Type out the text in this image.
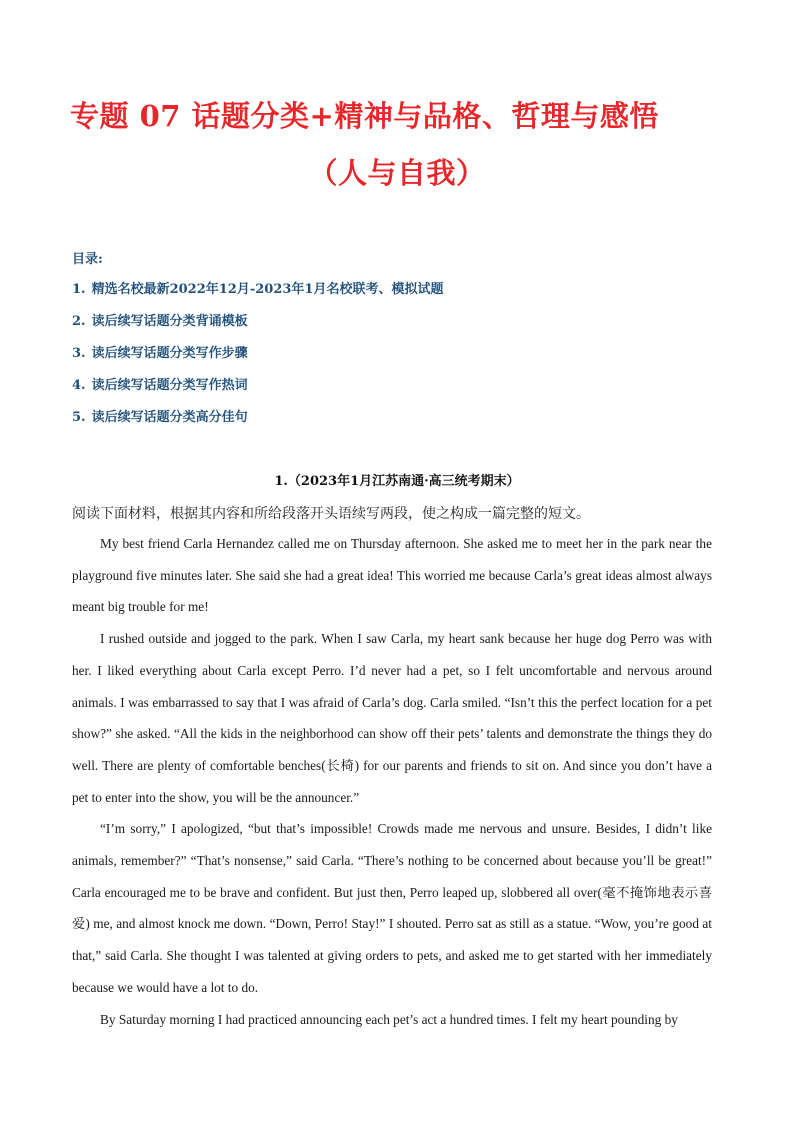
专题 07 话题分类+精神与品格、哲理与感悟
（人与自我）
目录:
1. 精选名校最新2022年12月-2023年1月名校联考、模拟试题
2. 读后续写话题分类背诵模板
3. 读后续写话题分类写作步骤
4. 读后续写话题分类写作热词
5. 读后续写话题分类高分佳句
1.（2023年1月江苏南通·高三统考期末）
阅读下面材料，根据其内容和所给段落开头语续写两段，使之构成一篇完整的短文。

My best friend Carla Hernandez called me on Thursday afternoon. She asked me to meet her in the park near the playground five minutes later. She said she had a great idea! This worried me because Carla’s great ideas almost always meant big trouble for me!

I rushed outside and jogged to the park. When I saw Carla, my heart sank because her huge dog Perro was with her. I liked everything about Carla except Perro. I’d never had a pet, so I felt uncomfortable and nervous around animals. I was embarrassed to say that I was afraid of Carla’s dog. Carla smiled. “Isn’t this the perfect location for a pet show?” she asked. “All the kids in the neighborhood can show off their pets’ talents and demonstrate the things they do well. There are plenty of comfortable benches(长椅) for our parents and friends to sit on. And since you don’t have a pet to enter into the show, you will be the announcer.”

“I’m sorry,” I apologized, “but that’s impossible! Crowds made me nervous and unsure. Besides, I didn’t like animals, remember?” “That’s nonsense,” said Carla. “There’s nothing to be concerned about because you’ll be great!” Carla encouraged me to be brave and confident. But just then, Perro leaped up, slobbered all over(毫不掩饰地表示喜爱) me, and almost knock me down. “Down, Perro! Stay!” I shouted. Perro sat as still as a statue. “Wow, you’re good at that,” said Carla. She thought I was talented at giving orders to pets, and asked me to get started with her immediately because we would have a lot to do.

By Saturday morning I had practiced announcing each pet’s act a hundred times. I felt my heart pounding by
